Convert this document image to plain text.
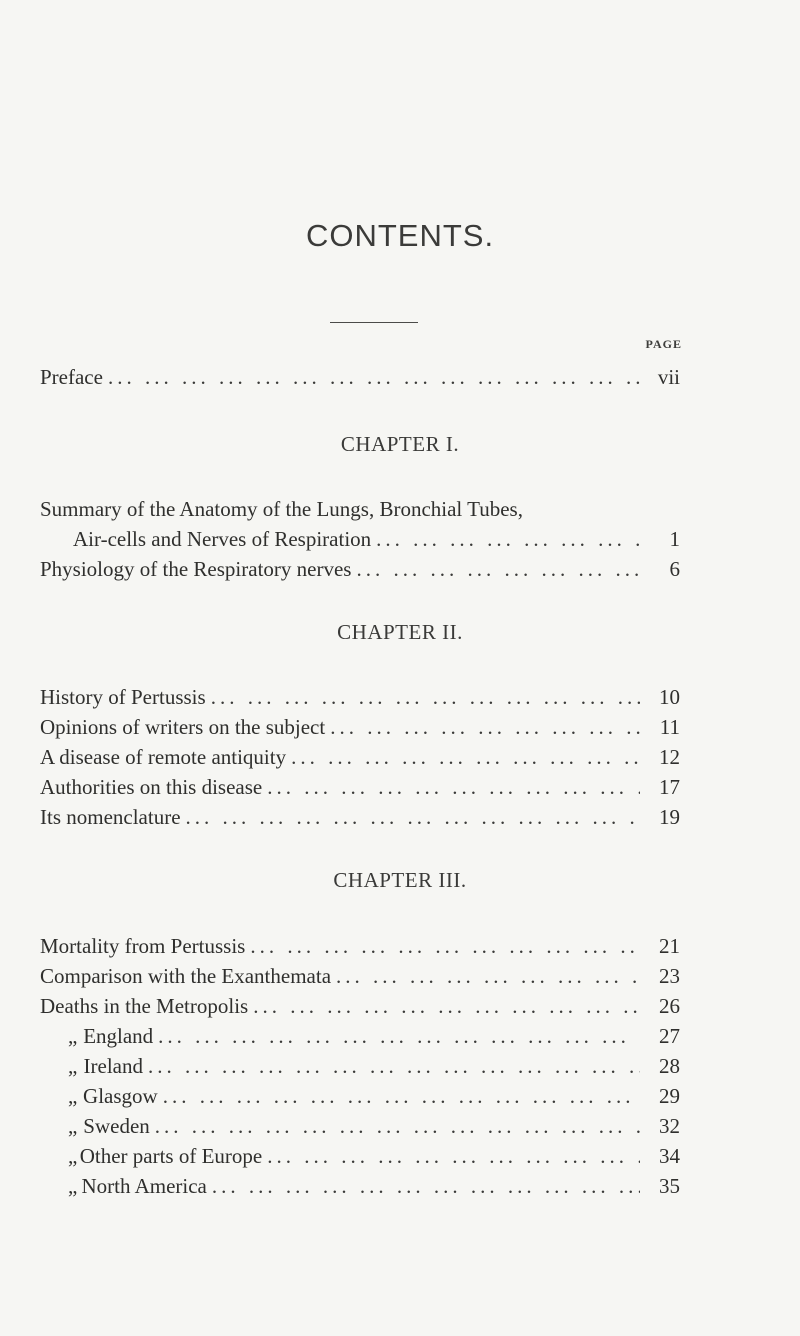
CONTENTS.
PAGE
Preface ... .	vii
CHAPTER I.
Summary of the Anatomy of the Lungs, Bronchial Tubes,
Air-cells and Nerves of Respiration ... .	1
Physiology of the Respiratory nerves ... .	6
CHAPTER II.
History of Pertussis ... .	10
Opinions of writers on the subject ... .	11
A disease of remote antiquity ... .	12
Authorities on this disease ... .	17
Its nomenclature ... .	19
CHAPTER III.
Mortality from Pertussis ... .	21
Comparison with the Exanthemata ... .	23
Deaths in the Metropolis ... .	26
„ England ... .	27
„ Ireland ... .	28
„ Glasgow ... .	29
„ Sweden ... .	32
„ Other parts of Europe ... .	34
„ North America ... .	35
